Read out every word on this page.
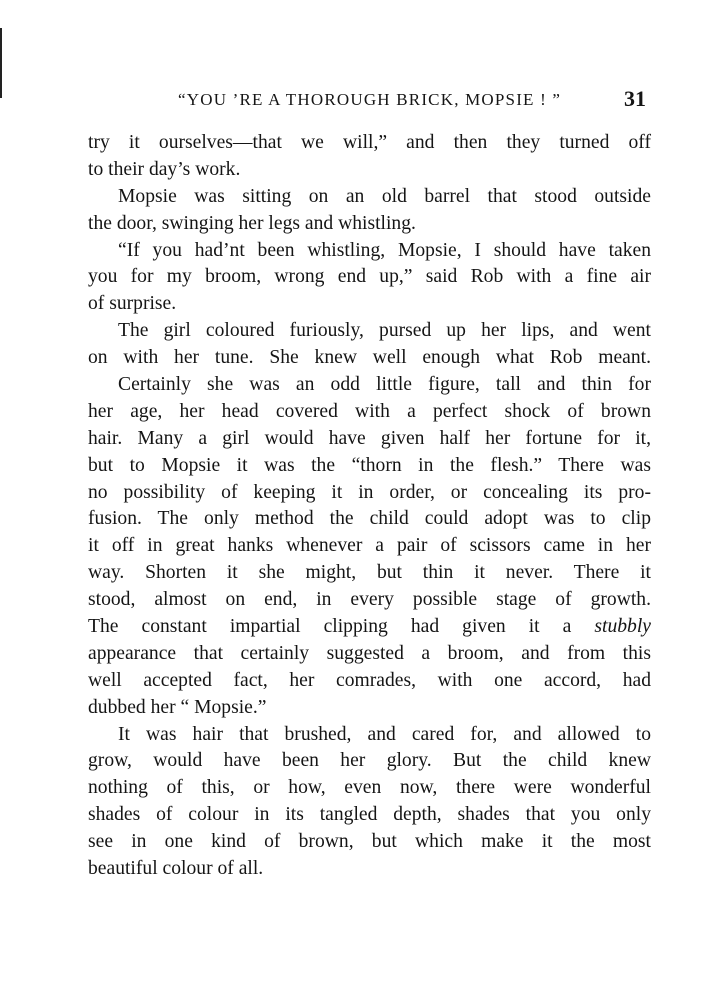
“YOU ’RE A THOROUGH BRICK, MOPSIE ! ”	31
try it ourselves—that we will,” and then they turned off
to their day’s work.
Mopsie was sitting on an old barrel that stood outside
the door, swinging her legs and whistling.
“If you had’nt been whistling, Mopsie, I should have taken
you for my broom, wrong end up,” said Rob with a fine air
of surprise.
The girl coloured furiously, pursed up her lips, and went
on with her tune. She knew well enough what Rob meant.
Certainly she was an odd little figure, tall and thin for
her age, her head covered with a perfect shock of brown
hair. Many a girl would have given half her fortune for it,
but to Mopsie it was the “thorn in the flesh.” There was
no possibility of keeping it in order, or concealing its pro-
fusion. The only method the child could adopt was to clip
it off in great hanks whenever a pair of scissors came in her
way. Shorten it she might, but thin it never. There it
stood, almost on end, in every possible stage of growth.
The constant impartial clipping had given it a stubbly
appearance that certainly suggested a broom, and from this
well accepted fact, her comrades, with one accord, had
dubbed her “ Mopsie.”
It was hair that brushed, and cared for, and allowed to
grow, would have been her glory. But the child knew
nothing of this, or how, even now, there were wonderful
shades of colour in its tangled depth, shades that you only
see in one kind of brown, but which make it the most
beautiful colour of all.
